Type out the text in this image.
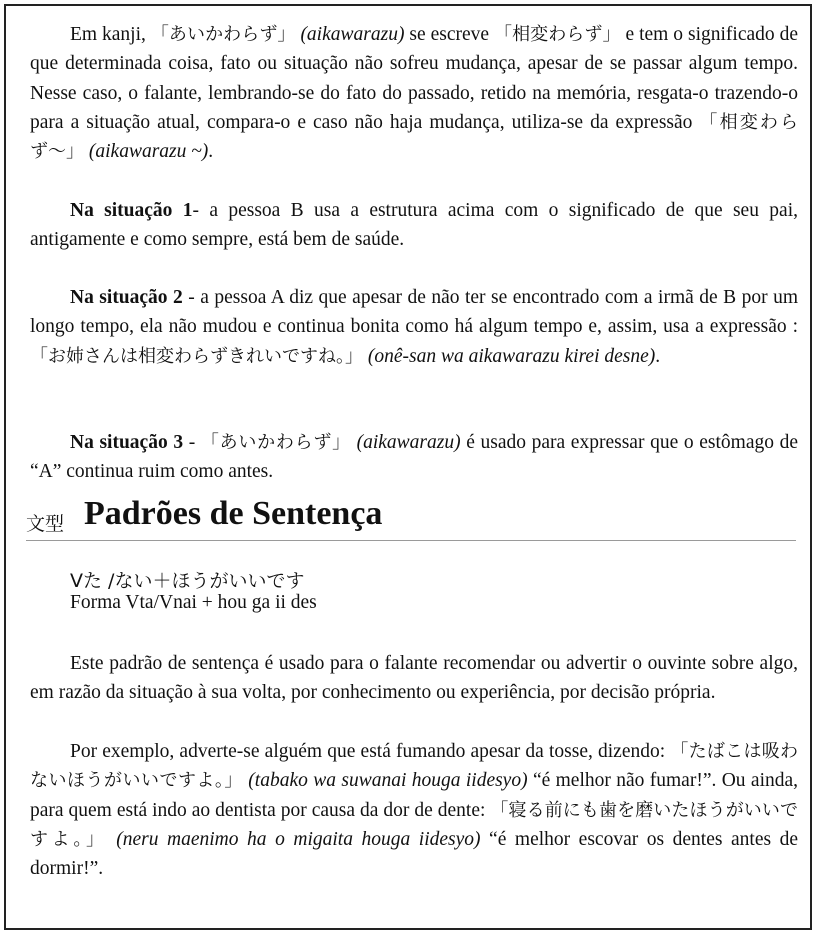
Em kanji, 「あいかわらず」 (aikawarazu) se escreve 「相変わらず」 e tem o significado de que determinada coisa, fato ou situação não sofreu mudança, apesar de se passar algum tempo. Nesse caso, o falante, lembrando-se do fato do passado, retido na memória, resgata-o trazendo-o para a situação atual, compara-o e caso não haja mudança, utiliza-se da expressão 「相変わらず〜」 (aikawarazu ~).

Na situação 1- a pessoa B usa a estrutura acima com o significado de que seu pai, antigamente e como sempre, está bem de saúde.

Na situação 2 - a pessoa A diz que apesar de não ter se encontrado com a irmã de B por um longo tempo, ela não mudou e continua bonita como há algum tempo e, assim, usa a expressão : 「お姉さんは相変わらずきれいですね。」 (onê-san wa aikawarazu kirei desne).

Na situação 3 - 「あいかわらず」 (aikawarazu) é usado para expressar que o estômago de “A” continua ruim como antes.

文型 Padrões de Sentença
Vた /ない＋ほうがいいです
Forma Vta/Vnai + hou ga ii des

Este padrão de sentença é usado para o falante recomendar ou advertir o ouvinte sobre algo, em razão da situação à sua volta, por conhecimento ou experiência, por decisão própria.

Por exemplo, adverte-se alguém que está fumando apesar da tosse, dizendo: 「たばこは吸わないほうがいいですよ。」 (tabako wa suwanai houga iidesyo) “é melhor não fumar!”. Ou ainda, para quem está indo ao dentista por causa da dor de dente: 「寝る前にも歯を磨いたほうがいいですよ。」 (neru maenimo ha o migaita houga iidesyo) “é melhor escovar os dentes antes de dormir!”.
